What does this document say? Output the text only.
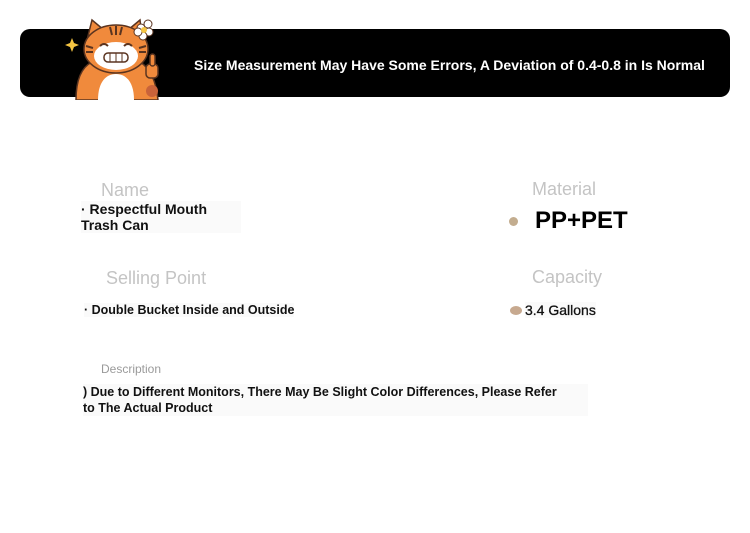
Size Measurement May Have Some Errors, A Deviation of 0.4-0.8 in Is Normal
Name
· Respectful Mouth
Trash Can
Material
PP+PET
Selling Point
· Double Bucket Inside and Outside
Capacity
3.4 Gallons
Description
) Due to Different Monitors, There May Be Slight Color Differences, Please Refer
to The Actual Product
